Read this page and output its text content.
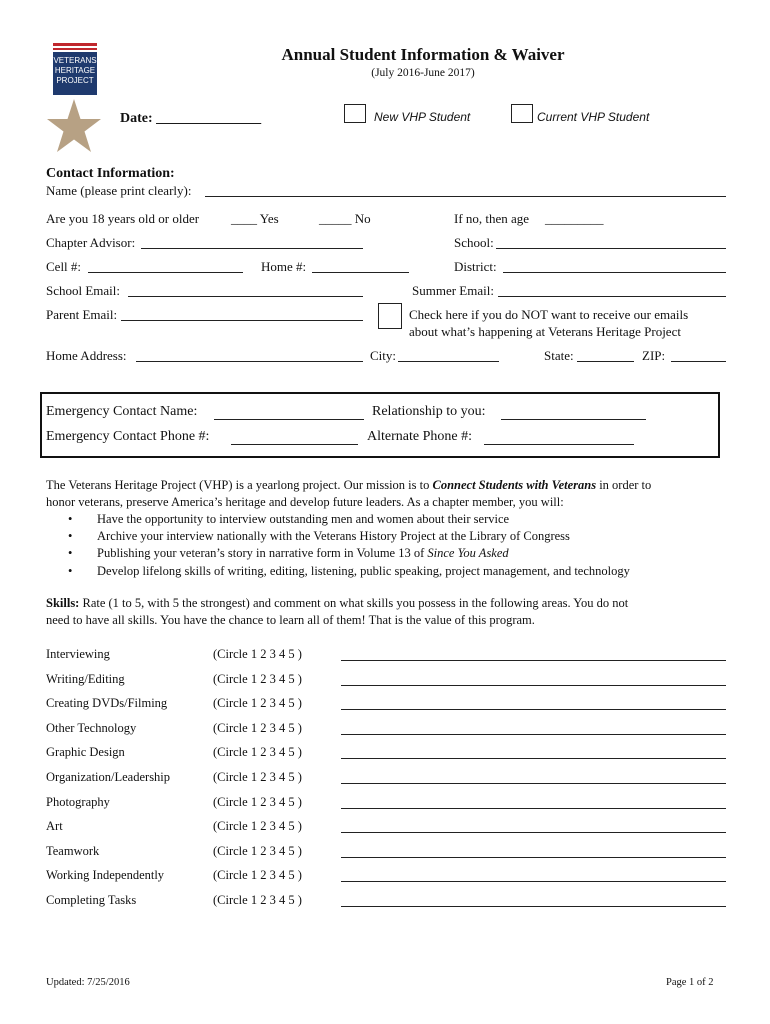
VETERANS
HERITAGE
PROJECT
Annual Student Information & Waiver
(July 2016-June 2017)
Date: _______________	New VHP Student	Current VHP Student
Contact Information:
Name (please print clearly):
Are you 18 years old or older ____ Yes	_____ No	If no, then age _________
Chapter Advisor:	School:
Cell #:	Home #:	District:
School Email:	Summer Email:
Parent Email:	Check here if you do NOT want to receive our emails
about what’s happening at Veterans Heritage Project
Home Address:	City:	State:	ZIP:
Emergency Contact Name:	Relationship to you:
Emergency Contact Phone #:	Alternate Phone #:
The Veterans Heritage Project (VHP) is a yearlong project. Our mission is to Connect Students with Veterans in order to
honor veterans, preserve America’s heritage and develop future leaders. As a chapter member, you will:
• Have the opportunity to interview outstanding men and women about their service
• Archive your interview nationally with the Veterans History Project at the Library of Congress
• Publishing your veteran’s story in narrative form in Volume 13 of Since You Asked
• Develop lifelong skills of writing, editing, listening, public speaking, project management, and technology
Skills: Rate (1 to 5, with 5 the strongest) and comment on what skills you possess in the following areas. You do not
need to have all skills. You have the chance to learn all of them! That is the value of this program.
Interviewing	(Circle 1 2 3 4 5 )
Writing/Editing	(Circle 1 2 3 4 5 )
Creating DVDs/Filming	(Circle 1 2 3 4 5 )
Other Technology	(Circle 1 2 3 4 5 )
Graphic Design	(Circle 1 2 3 4 5 )
Organization/Leadership	(Circle 1 2 3 4 5 )
Photography	(Circle 1 2 3 4 5 )
Art	(Circle 1 2 3 4 5 )
Teamwork	(Circle 1 2 3 4 5 )
Working Independently	(Circle 1 2 3 4 5 )
Completing Tasks	(Circle 1 2 3 4 5 )
Updated: 7/25/2016	Page 1 of 2
